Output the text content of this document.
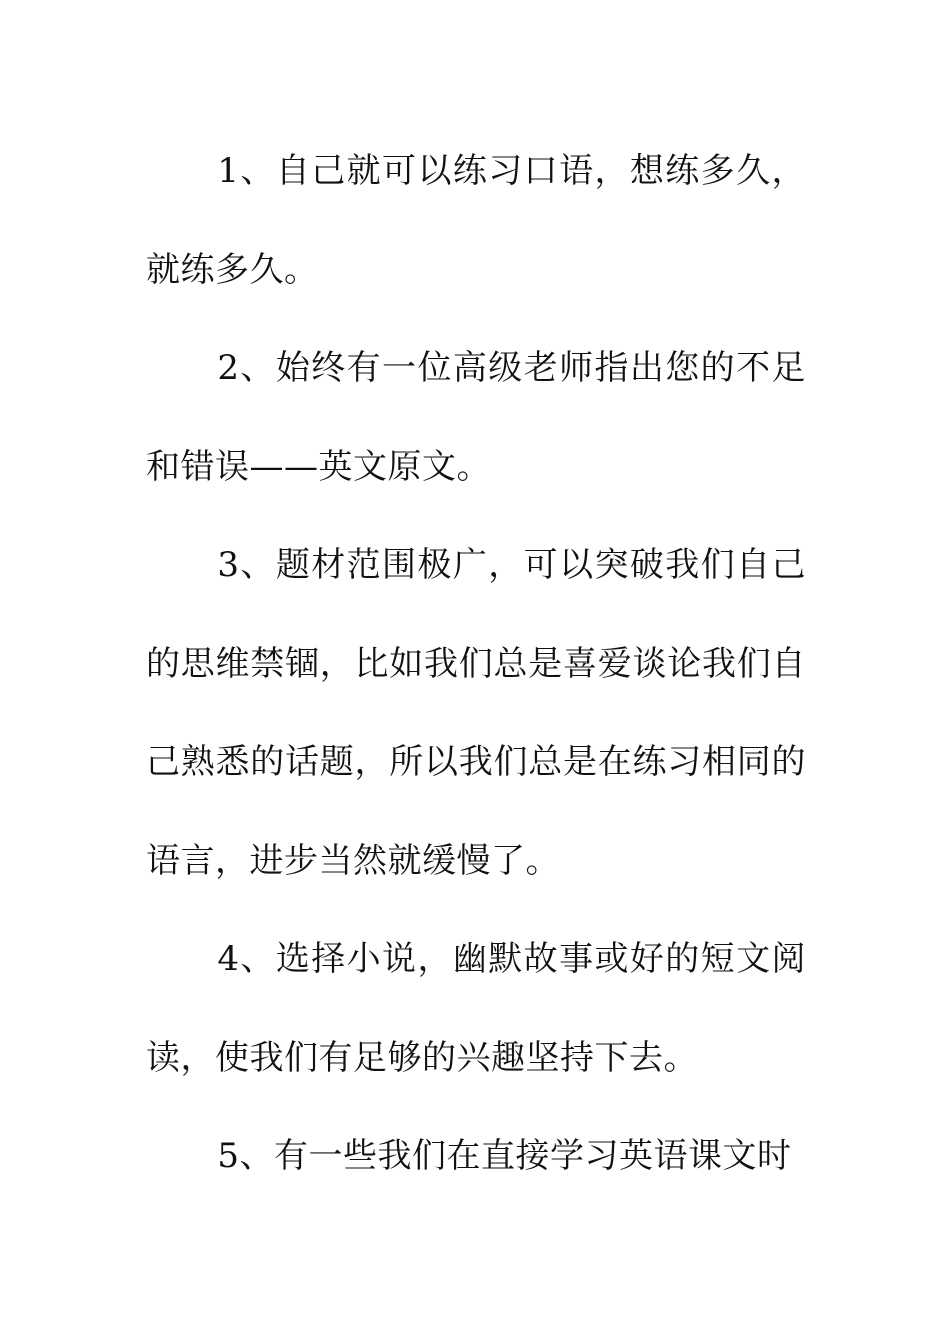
1、自己就可以练习口语，想练多久，就练多久。

2、始终有一位高级老师指出您的不足和错误——英文原文。

3、题材范围极广，可以突破我们自己的思维禁锢，比如我们总是喜爱谈论我们自己熟悉的话题，所以我们总是在练习相同的语言，进步当然就缓慢了。

4、选择小说，幽默故事或好的短文阅读，使我们有足够的兴趣坚持下去。

5、有一些我们在直接学习英语课文时
